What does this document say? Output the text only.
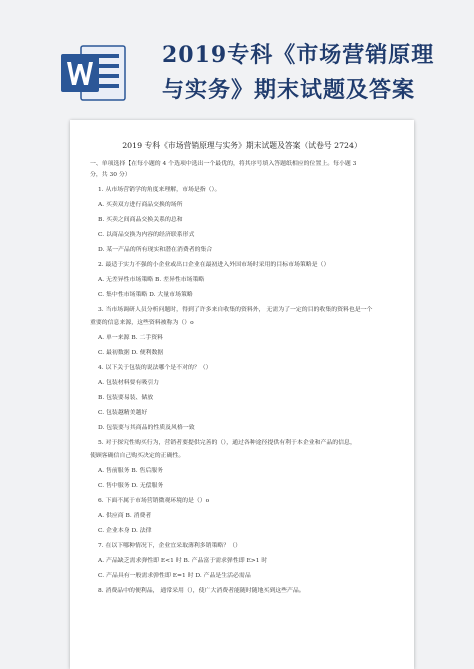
2019专科《市场营销原理
与实务》期末试题及答案
2019 专科《市场营销原理与实务》期末试题及答案（试卷号 2724）
一、单项选择【在每小题的 4 个选项中选出一个最优的，将其序号填入答题纸相应的位置上。每小题 3
分，共 30 分）
1. 从市场营销学的角度来理解，市场是指（）。
A. 买卖双方进行商品交换的场所
B. 买卖之间商品交换关系的总和
C. 以商品交换为内容的经济联系形式
D. 某一产品的所有现实和潜在消费者的集合
2. 最适于实力不强的小企业或出口企业在最初进入外国市场时采用的目标市场策略是（）
A. 无差异性市场策略 B. 差异性市场策略
C. 集中性市场策略 D. 大量市场策略
3. 当市场调研人员分析问题时，得到了许多来自收集的资料外， 无需为了一定的目的收集的资料也是一个
重要的信息来源，这些资料被称为（）o
A. 单一来源 B. 二手资料
C. 最初数据 D. 便利数据
4. 以下关于包装的说法哪个是不对的？（）
A. 包装材料要有吸引力
B. 包装要易装、储放
C. 包装越精美越好
D. 包装要与其商品的性质及风格一致
5. 对于探究性购买行为，营销者要提供完善的（），通过各种途径提供有利于本企业和产品的信息，
使顾客确信自己购买决定的正确性。
A. 售前服务 B. 售后服务
C. 售中服务 D. 无偿服务
6. 下面不属于市场营销微观环境的是（）o
A. 供应商 B. 消费者
C. 企业本身 D. 法律
7. 在以下哪种情况下，企业宜采取薄利多销策略？（）
A. 产品缺乏需求弹性即 E<1 时 B. 产品富于需求弹性即 E>1 时
C. 产品具有一般需求弹性即 E=1 时 D. 产品是生活必需品
8. 消费品中的便利品， 通常采用（），使广大消费者能随时随地买到这些产品。
